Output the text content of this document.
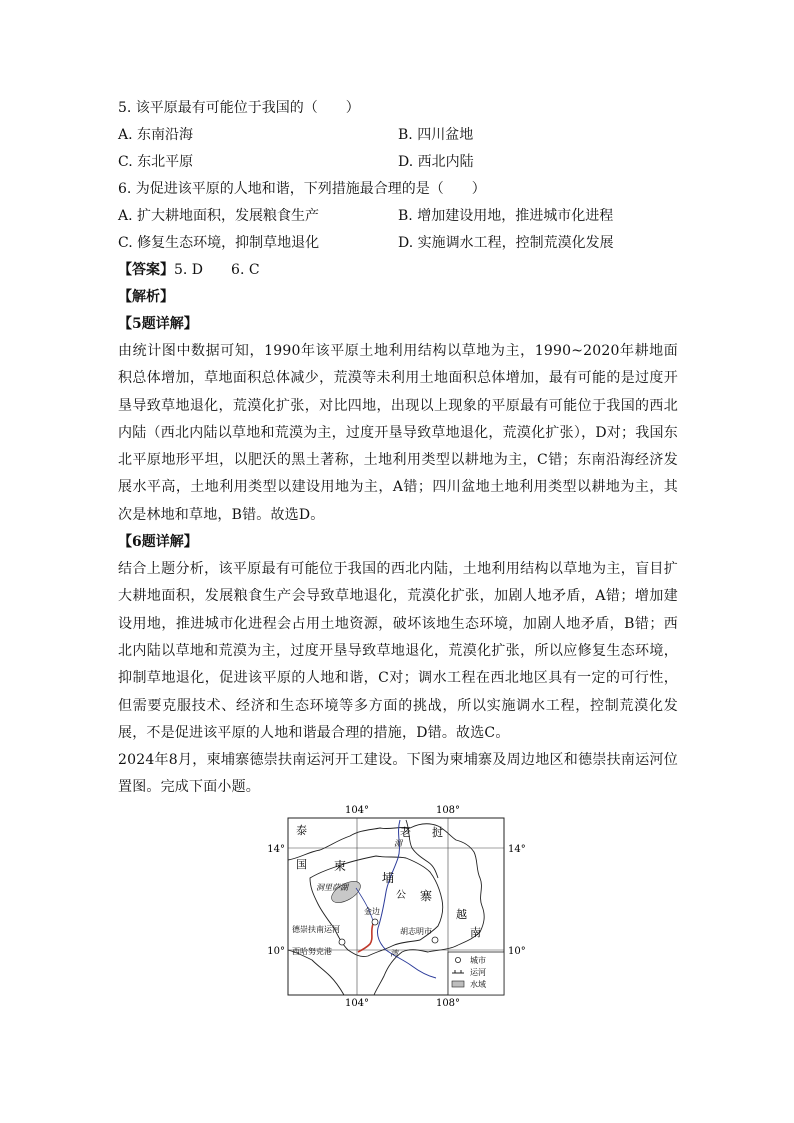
5. 该平原最有可能位于我国的（　　）
A. 东南沿海	B. 四川盆地
C. 东北平原	D. 西北内陆
6. 为促进该平原的人地和谐，下列措施最合理的是（　　）
A. 扩大耕地面积，发展粮食生产	B. 增加建设用地，推进城市化进程
C. 修复生态环境，抑制草地退化	D. 实施调水工程，控制荒漠化发展
【答案】5. D　　6. C
【解析】
【5题详解】
由统计图中数据可知，1990年该平原土地利用结构以草地为主，1990~2020年耕地面积总体增加，草地面积总体减少，荒漠等未利用土地面积总体增加，最有可能的是过度开垦导致草地退化，荒漠化扩张，对比四地，出现以上现象的平原最有可能位于我国的西北内陆（西北内陆以草地和荒漠为主，过度开垦导致草地退化，荒漠化扩张），D对；我国东北平原地形平坦，以肥沃的黑土著称，土地利用类型以耕地为主，C错；东南沿海经济发展水平高，土地利用类型以建设用地为主，A错；四川盆地土地利用类型以耕地为主，其次是林地和草地，B错。故选D。
【6题详解】
结合上题分析，该平原最有可能位于我国的西北内陆，土地利用结构以草地为主，盲目扩大耕地面积，发展粮食生产会导致草地退化，荒漠化扩张，加剧人地矛盾，A错；增加建设用地，推进城市化进程会占用土地资源，破坏该地生态环境，加剧人地矛盾，B错；西北内陆以草地和荒漠为主，过度开垦导致草地退化，荒漠化扩张，所以应修复生态环境，抑制草地退化，促进该平原的人地和谐，C对；调水工程在西北地区具有一定的可行性，但需要克服技术、经济和生态环境等多方面的挑战，所以实施调水工程，控制荒漠化发展，不是促进该平原的人地和谐最合理的措施，D错。故选C。
2024年8月，柬埔寨德崇扶南运河开工建设。下图为柬埔寨及周边地区和德崇扶南运河位置图。完成下面小题。
104°	108°
104°	108°
14°	14°
10°	10°
泰
国 柬
埔
寨
老 挝
越
南
湄
公
洞里萨湖
金边
德崇扶南运河	胡志明市
西哈努克港	湾
城市
运河
水域
